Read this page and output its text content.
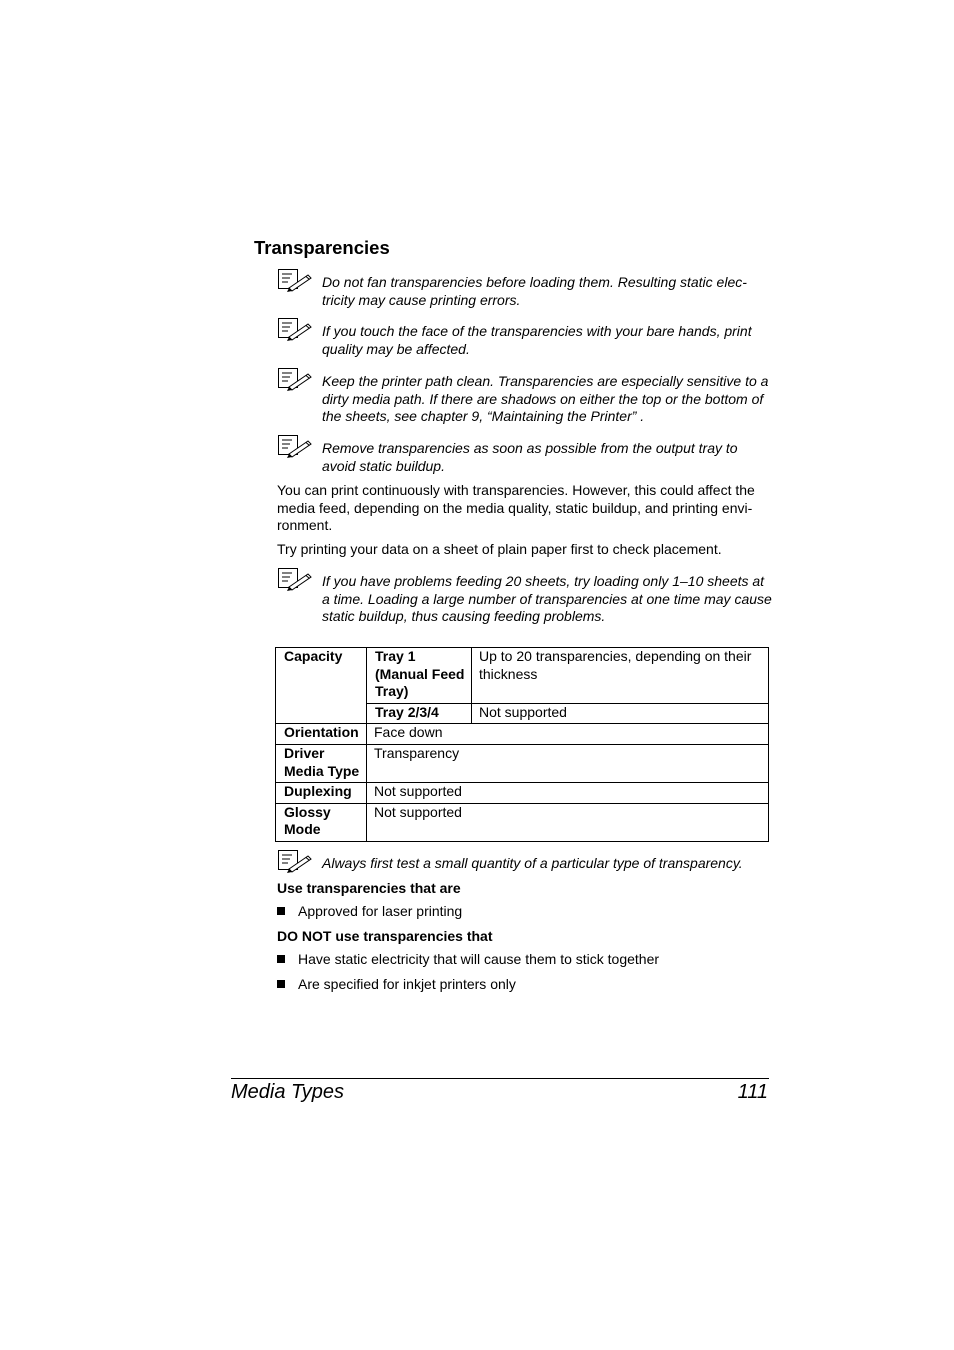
Transparencies
Do not fan transparencies before loading them. Resulting static elec-tricity may cause printing errors.
If you touch the face of the transparencies with your bare hands, print quality may be affected.
Keep the printer path clean. Transparencies are especially sensitive to a dirty media path. If there are shadows on either the top or the bottom of the sheets, see chapter 9, “Maintaining the Printer” .
Remove transparencies as soon as possible from the output tray to avoid static buildup.

You can print continuously with transparencies. However, this could affect the media feed, depending on the media quality, static buildup, and printing envi-ronment.

Try printing your data on a sheet of plain paper first to check placement.

If you have problems feeding 20 sheets, try loading only 1–10 sheets at a time. Loading a large number of transparencies at one time may cause static buildup, thus causing feeding problems.
Capacity	Tray 1 (Manual Feed Tray)	Up to 20 transparencies, depending on their thickness
	Tray 2/3/4	Not supported
Orientation	Face down	
Driver Media Type	Transparency	
Duplexing	Not supported	
Glossy Mode	Not supported	
Always first test a small quantity of a particular type of transparency.

Use transparencies that are

Approved for laser printing

DO NOT use transparencies that

Have static electricity that will cause them to stick together
Are specified for inkjet printers only
Media Types	111
